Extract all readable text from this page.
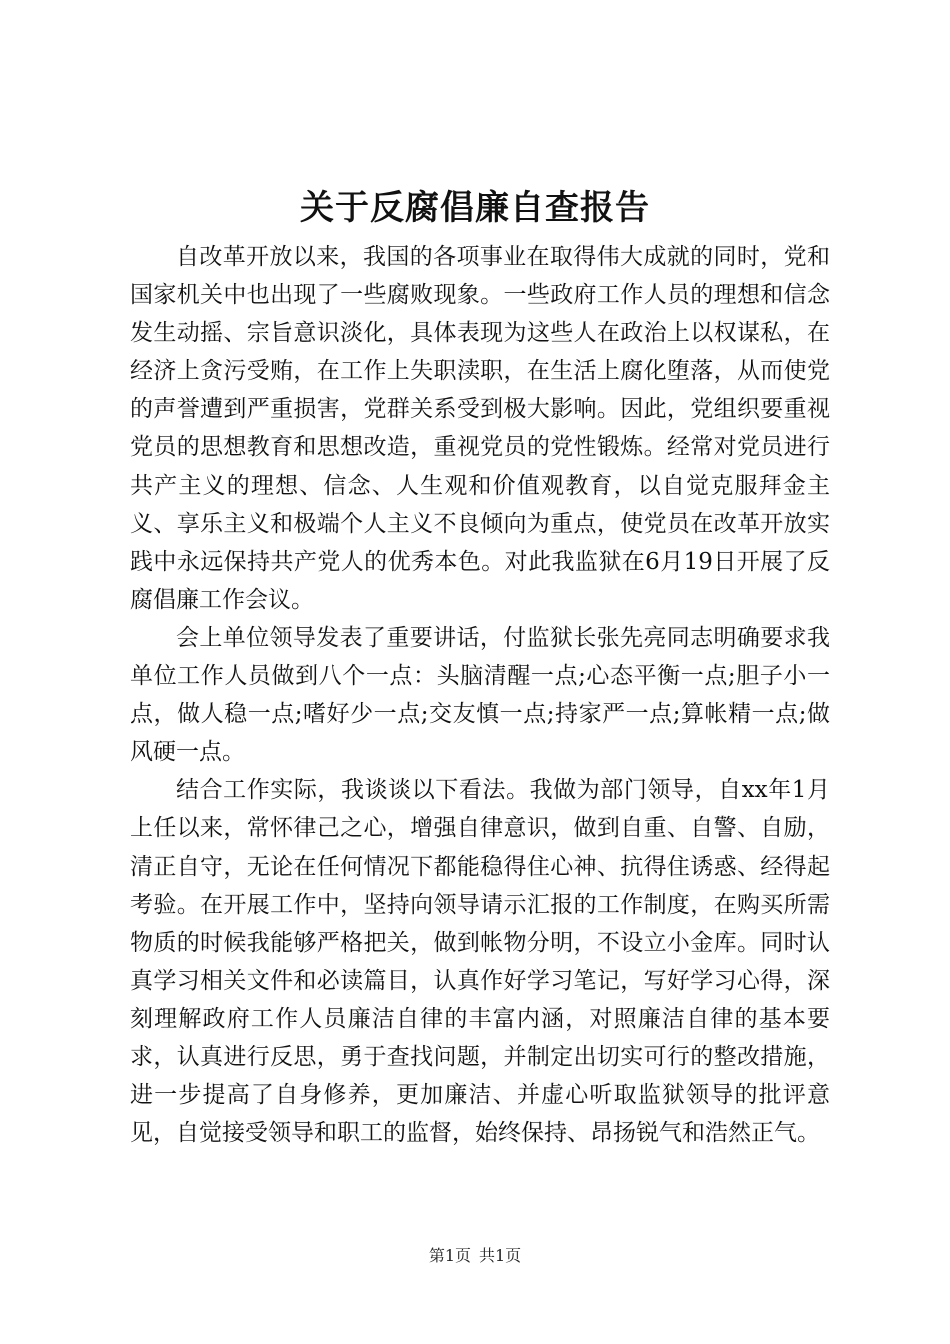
关于反腐倡廉自查报告

自改革开放以来，我国的各项事业在取得伟大成就的同时，党和国家机关中也出现了一些腐败现象。一些政府工作人员的理想和信念发生动摇、宗旨意识淡化，具体表现为这些人在政治上以权谋私，在经济上贪污受贿，在工作上失职渎职，在生活上腐化堕落，从而使党的声誉遭到严重损害，党群关系受到极大影响。因此，党组织要重视党员的思想教育和思想改造，重视党员的党性锻炼。经常对党员进行共产主义的理想、信念、人生观和价值观教育，以自觉克服拜金主义、享乐主义和极端个人主义不良倾向为重点，使党员在改革开放实践中永远保持共产党人的优秀本色。对此我监狱在6月19日开展了反腐倡廉工作会议。

会上单位领导发表了重要讲话，付监狱长张先亮同志明确要求我单位工作人员做到八个一点：头脑清醒一点;心态平衡一点;胆子小一点，做人稳一点;嗜好少一点;交友慎一点;持家严一点;算帐精一点;做风硬一点。

结合工作实际，我谈谈以下看法。我做为部门领导，自xx年1月上任以来，常怀律己之心，增强自律意识，做到自重、自警、自励，清正自守，无论在任何情况下都能稳得住心神、抗得住诱惑、经得起考验。在开展工作中，坚持向领导请示汇报的工作制度，在购买所需物质的时候我能够严格把关，做到帐物分明，不设立小金库。同时认真学习相关文件和必读篇目，认真作好学习笔记，写好学习心得，深刻理解政府工作人员廉洁自律的丰富内涵，对照廉洁自律的基本要求，认真进行反思，勇于查找问题，并制定出切实可行的整改措施，进一步提高了自身修养，更加廉洁、并虚心听取监狱领导的批评意见，自觉接受领导和职工的监督，始终保持、昂扬锐气和浩然正气。

第1页 共1页
